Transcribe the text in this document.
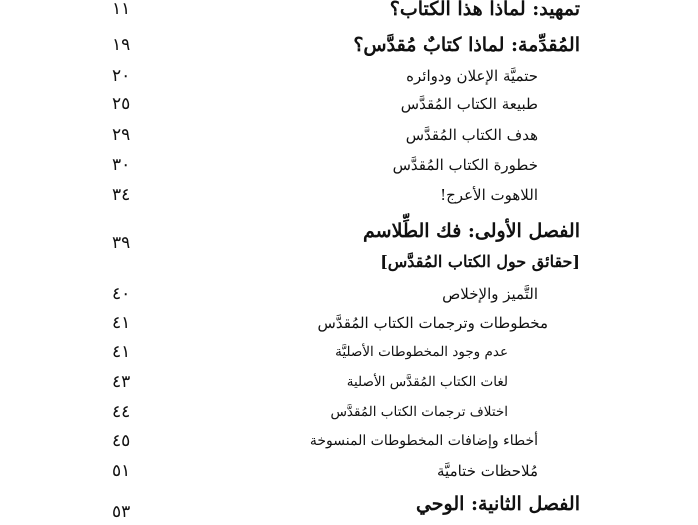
تمهيد: لماذا هذا الكتاب؟
١١
المُقدِّمة: لماذا كتابٌ مُقدَّس؟
١٩
حتميَّة الإعلان ودوائره
٢٠
طبيعة الكتاب المُقدَّس
٢٥
هدف الكتاب المُقدَّس
٢٩
خطورة الكتاب المُقدَّس
٣٠
اللاهوت الأعرج!
٣٤
الفصل الأولى: فك الطِّلاسم
٣٩
[حقائق حول الكتاب المُقدَّس]
التَّميز والإخلاص
٤٠
مخطوطات وترجمات الكتاب المُقدَّس
٤١
عدم وجود المخطوطات الأصليَّة
٤١
لغات الكتاب المُقدَّس الأصلية
٤٣
اختلاف ترجمات الكتاب المُقدَّس
٤٤
أخطاء وإضافات المخطوطات المنسوخة
٤٥
مُلاحظات ختاميَّة
٥١
الفصل الثانية: الوحي
٥٣
